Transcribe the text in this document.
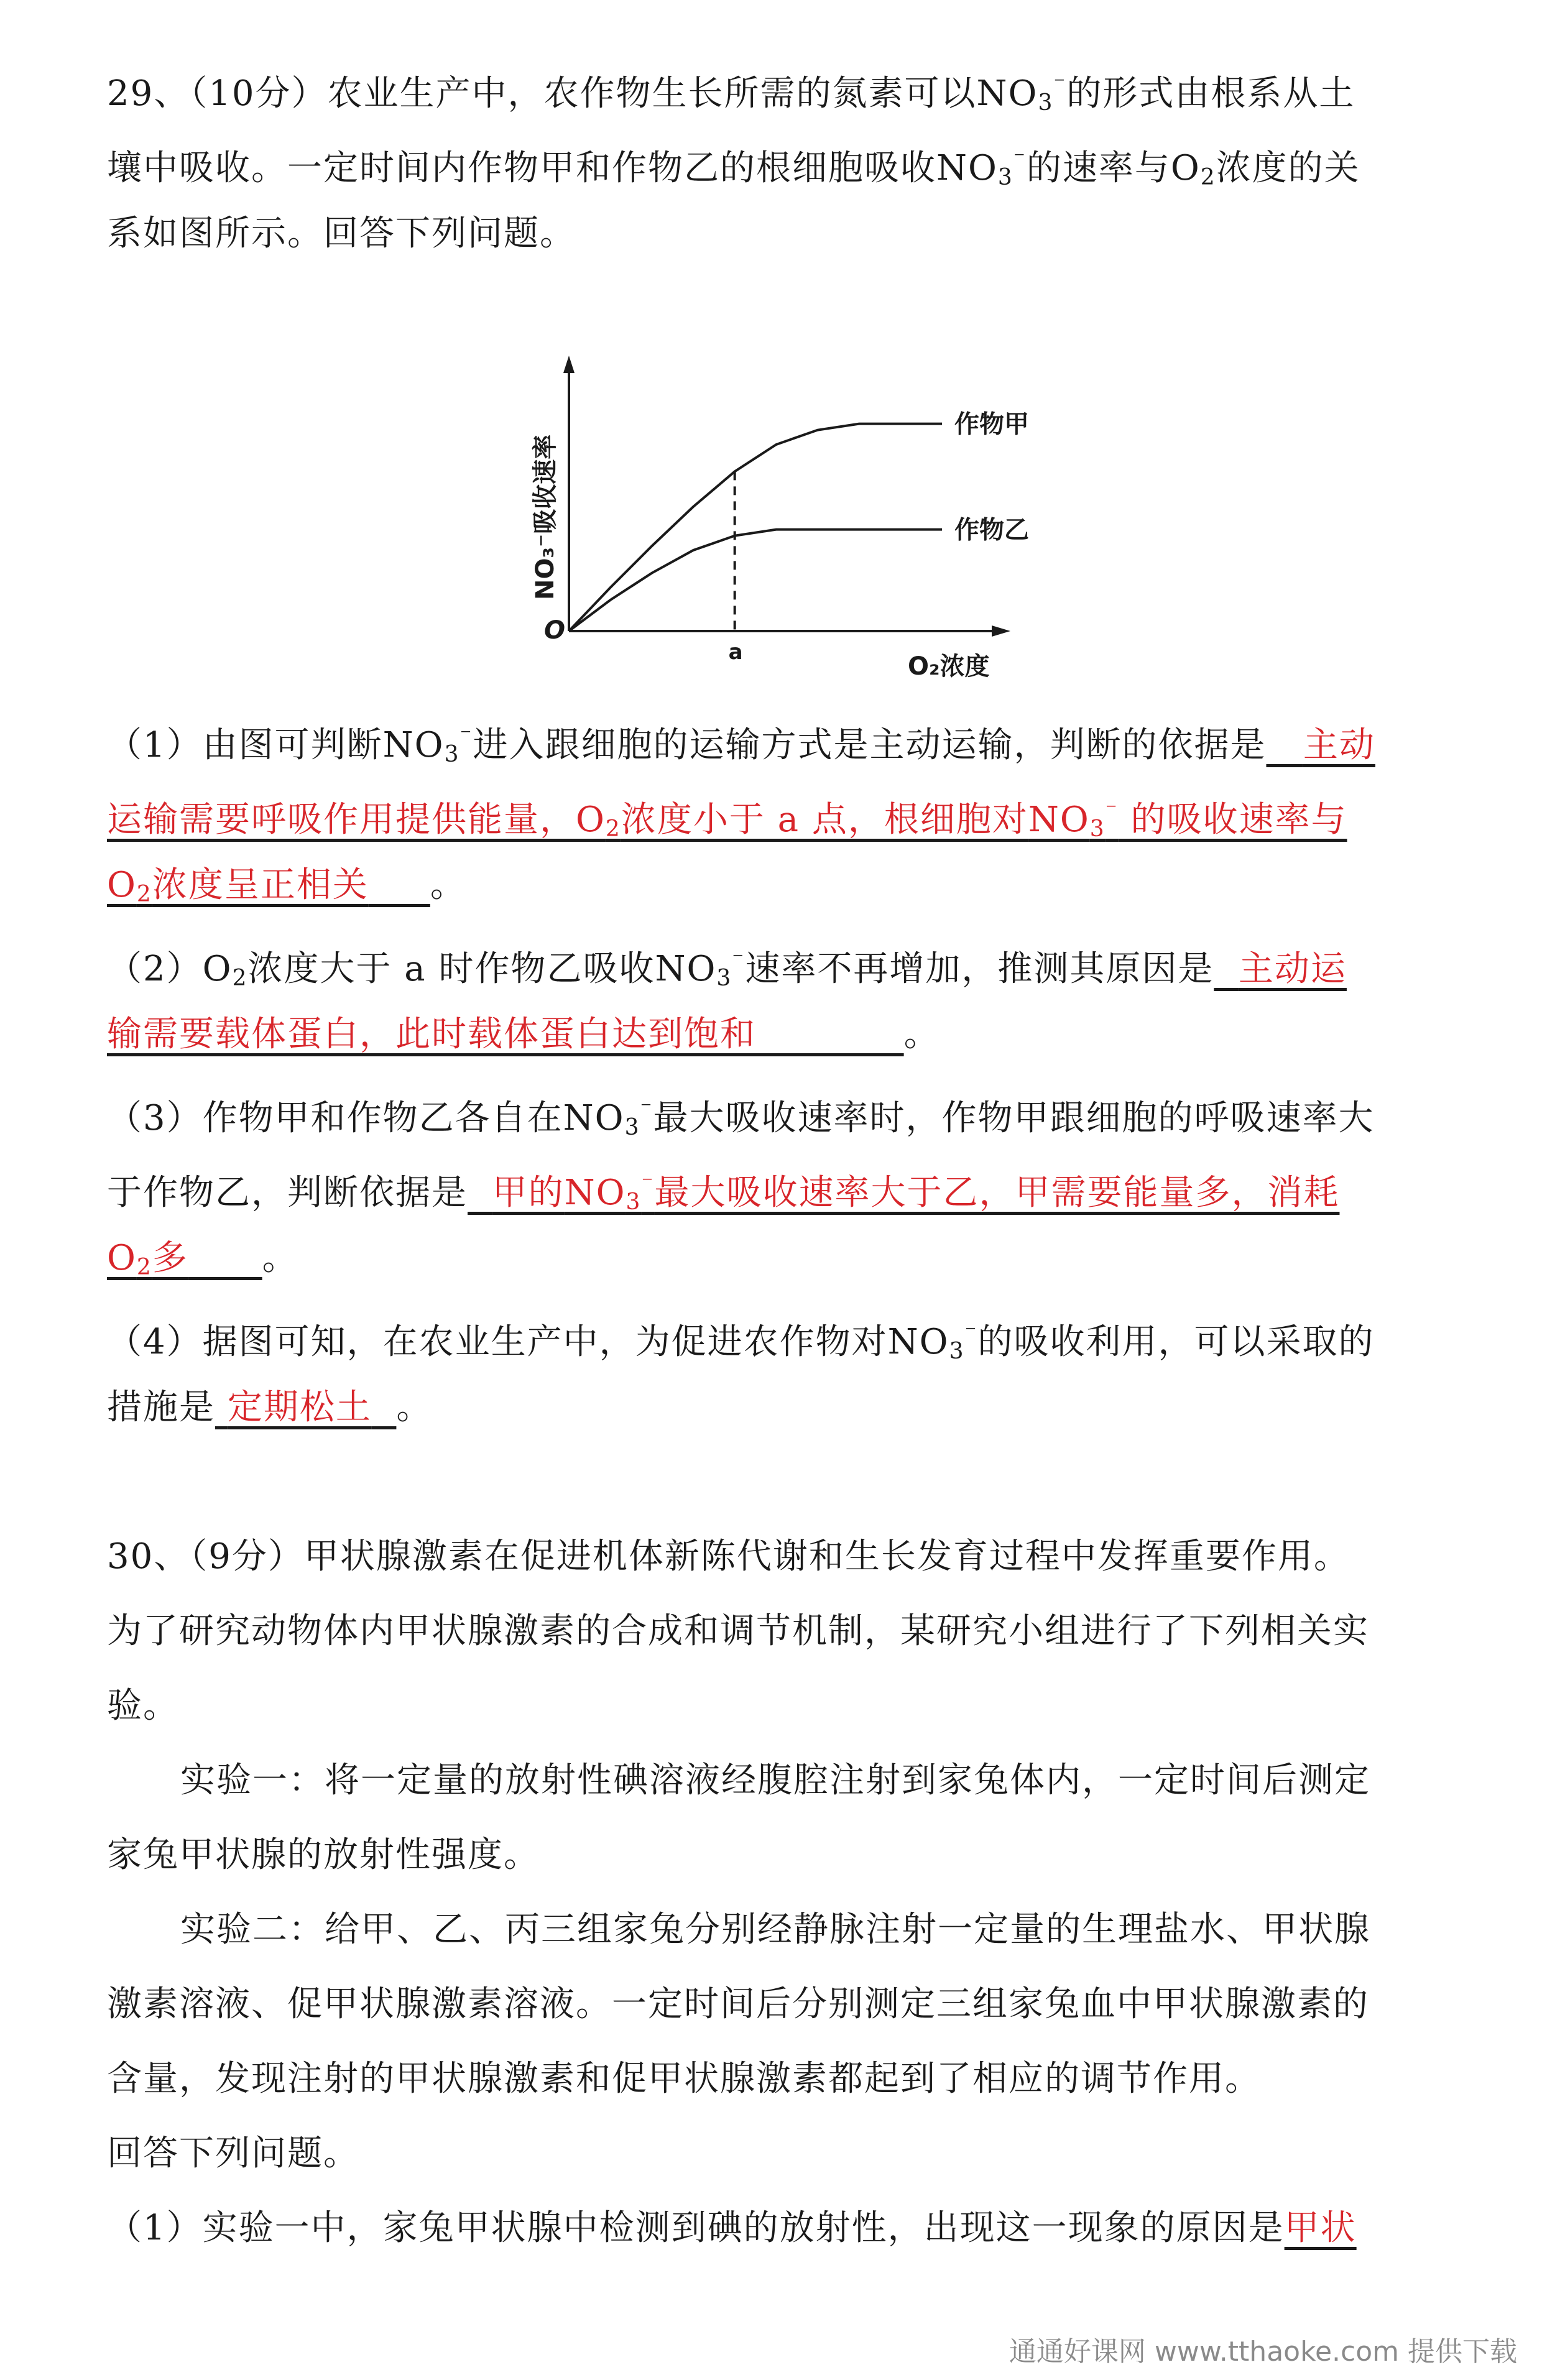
29、（10分）农业生产中，农作物生长所需的氮素可以$NO_3^{^-}$的形式由根系从土
壤中吸收。一定时间内作物甲和作物乙的根细胞吸收$NO_3^{^-}$的速率与$O_2$浓度的关
系如图所示。回答下列问题。
作物甲
作物乙
O
a	O₂浓度
NO₃⁻吸收速率
（1）由图可判断$NO_3^{^-}$进入跟细胞的运输方式是主动运输，判断的依据是 主动
运输需要呼吸作用提供能量，$O_2$浓度小于 a 点，根细胞对$NO_3^{^-}$ 的吸收速率与
$O_2$浓度呈正相关 。
$(2)O_2$浓度大于 a 时作物乙吸收$NO_3^{^-}$速率不再增加，推测其原因是 主动运
输需要载体蛋白，此时载体蛋白达到饱和	。
（3）作物甲和作物乙各自在$NO_3^{^-}$最大吸收速率时，作物甲跟细胞的呼吸速率大
于作物乙，判断依据是 甲的$NO_3^{^-}$最大吸收速率大于乙，甲需要能量多，消耗
$O_2$多 。
（4）据图可知，在农业生产中，为促进农作物对$NO_3^{^-}$的吸收利用，可以采取的
措施是 定期松土 。
30、（9分）甲状腺激素在促进机体新陈代谢和生长发育过程中发挥重要作用。
为了研究动物体内甲状腺激素的合成和调节机制，某研究小组进行了下列相关实
验。
实验一：将一定量的放射性碘溶液经腹腔注射到家兔体内，一定时间后测定
家兔甲状腺的放射性强度。
实验二：给甲、乙、丙三组家兔分别经静脉注射一定量的生理盐水、甲状腺
激素溶液、促甲状腺激素溶液。一定时间后分别测定三组家兔血中甲状腺激素的
含量，发现注射的甲状腺激素和促甲状腺激素都起到了相应的调节作用。
回答下列问题。
（1）实验一中，家兔甲状腺中检测到碘的放射性，出现这一现象的原因是甲状
通通好课网 www.tthaoke.com 提供下载
